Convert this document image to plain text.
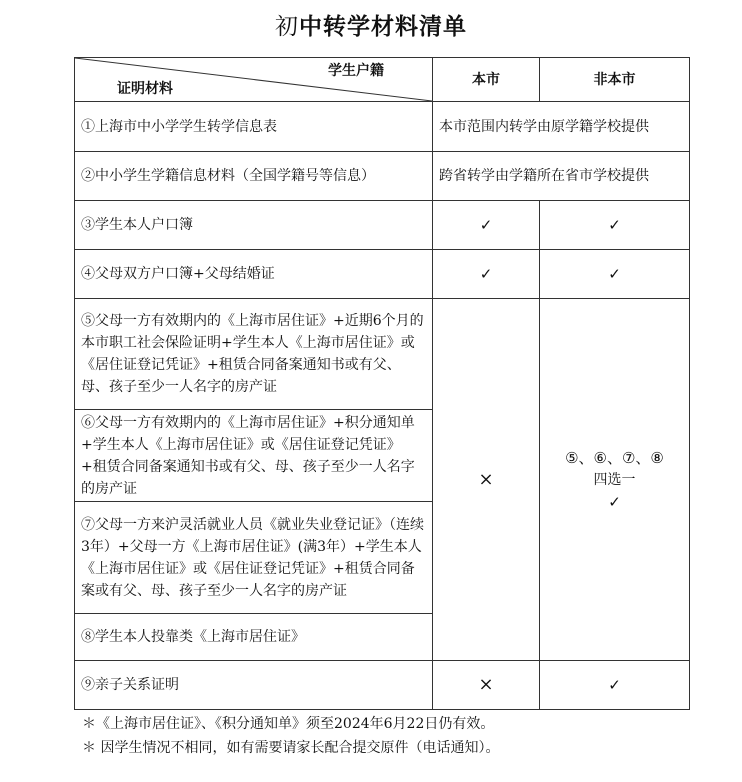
初中转学材料清单
学生户籍
证明材料	本市	非本市
①上海市中小学学生转学信息表	本市范围内转学由原学籍学校提供	
②中小学生学籍信息材料（全国学籍号等信息）	跨省转学由学籍所在省市学校提供	
③学生本人户口簿	✓	✓
④父母双方户口簿+父母结婚证	✓	✓
⑤父母一方有效期内的《上海市居住证》+近期6个月的本市职工社会保险证明+学生本人《上海市居住证》或《居住证登记凭证》+租赁合同备案通知书或有父、母、孩子至少一人名字的房产证	×	⑤、⑥、⑦、⑧
四选一
✓

⑥父母一方有效期内的《上海市居住证》+积分通知单+学生本人《上海市居住证》或《居住证登记凭证》+租赁合同备案通知书或有父、母、孩子至少一人名字的房产证		
⑦父母一方来沪灵活就业人员《就业失业登记证》（连续3年）+父母一方《上海市居住证》(满3年）+学生本人《上海市居住证》或《居住证登记凭证》+租赁合同备案或有父、母、孩子至少一人名字的房产证		
⑧学生本人投靠类《上海市居住证》		
⑨亲子关系证明	×	✓
＊《上海市居住证》、《积分通知单》须至2024年6月22日仍有效。
＊ 因学生情况不相同，如有需要请家长配合提交原件（电话通知）。
